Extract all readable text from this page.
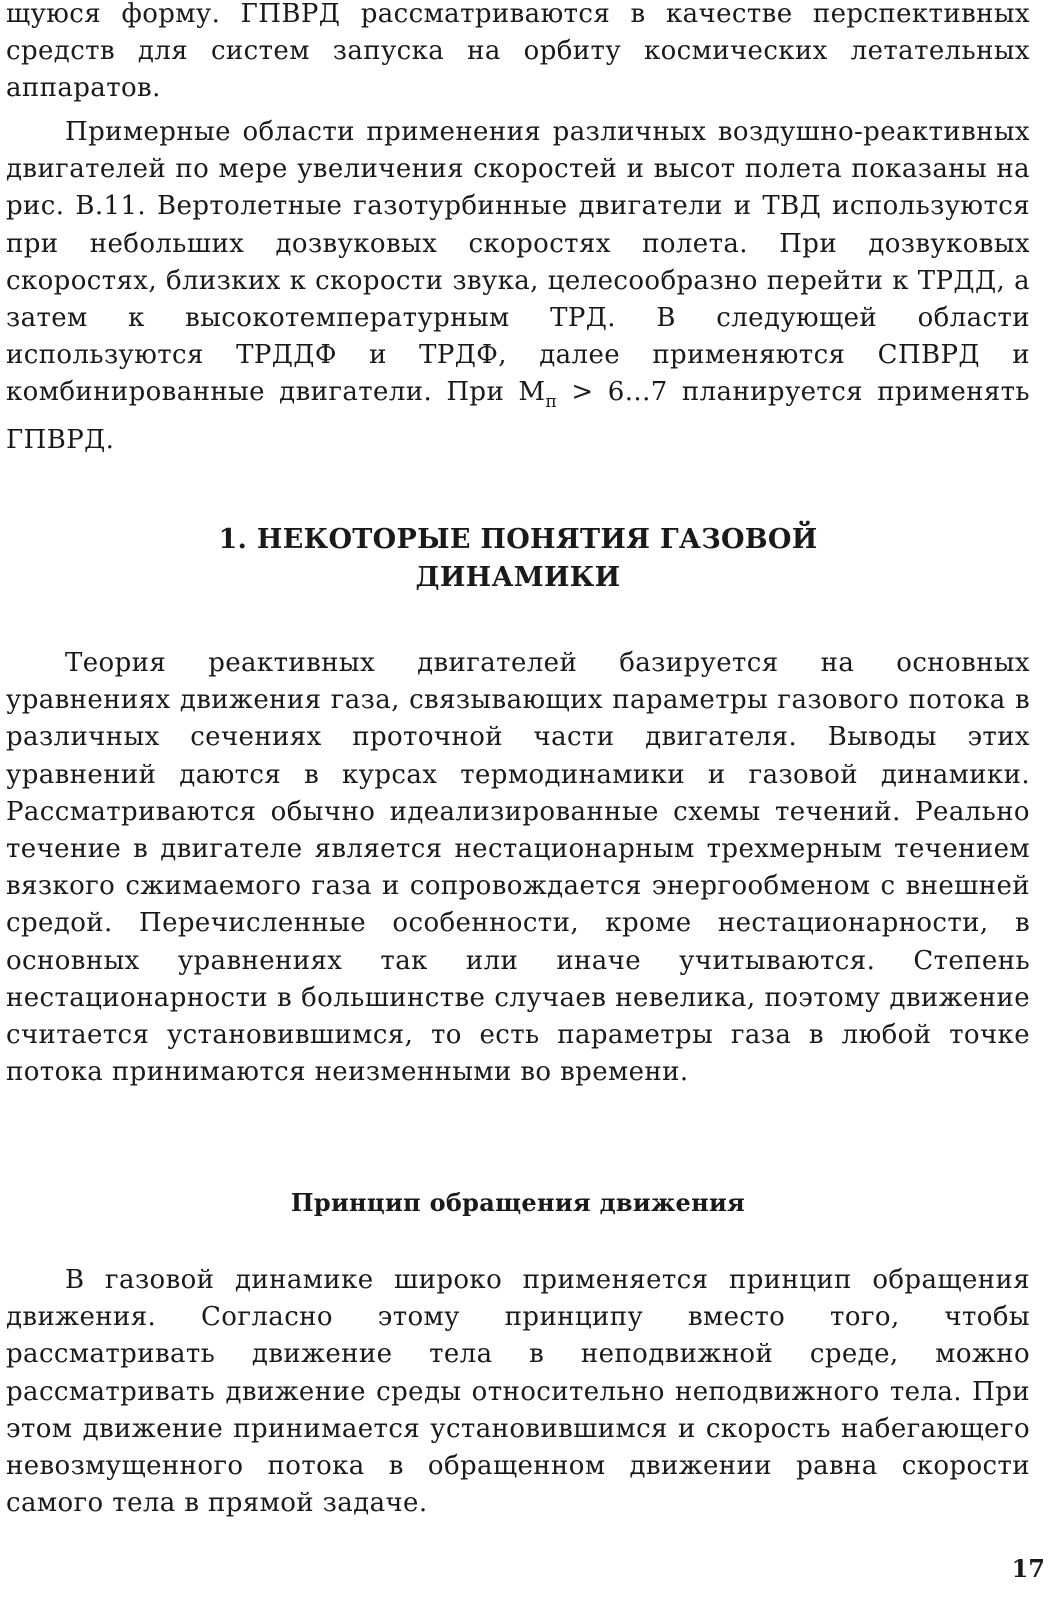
щуюся форму. ГПВРД рассматриваются в качестве перспективных средств для систем запуска на орбиту космических летательных аппаратов.

Примерные области применения различных воздушно-реактивных двигателей по мере увеличения скоростей и высот полета показаны на рис. В.11. Вертолетные газотурбинные двигатели и ТВД используются при небольших дозвуковых скоростях полета. При дозвуковых скоростях, близких к скорости звука, целесообразно перейти к ТРДД, а затем к высокотемпературным ТРД. В следующей области используются ТРДДФ и ТРДФ, далее применяются СПВРД и комбинированные двигатели. При $M_п > 6...7$ планируется применять ГПВРД.

1. НЕКОТОРЫЕ ПОНЯТИЯ ГАЗОВОЙ
ДИНАМИКИ

Теория реактивных двигателей базируется на основных уравнениях движения газа, связывающих параметры газового потока в различных сечениях проточной части двигателя. Выводы этих уравнений даются в курсах термодинамики и газовой динамики. Рассматриваются обычно идеализированные схемы течений. Реально течение в двигателе является нестационарным трехмерным течением вязкого сжимаемого газа и сопровождается энергообменом с внешней средой. Перечисленные особенности, кроме нестационарности, в основных уравнениях так или иначе учитываются. Степень нестационарности в большинстве случаев невелика, поэтому движение считается установившимся, то есть параметры газа в любой точке потока принимаются неизменными во времени.

Принцип обращения движения

В газовой динамике широко применяется принцип обращения движения. Согласно этому принципу вместо того, чтобы рассматривать движение тела в неподвижной среде, можно рассматривать движение среды относительно неподвижного тела. При этом движение принимается установившимся и скорость набегающего невозмущенного потока в обращенном движении равна скорости самого тела в прямой задаче.

17
